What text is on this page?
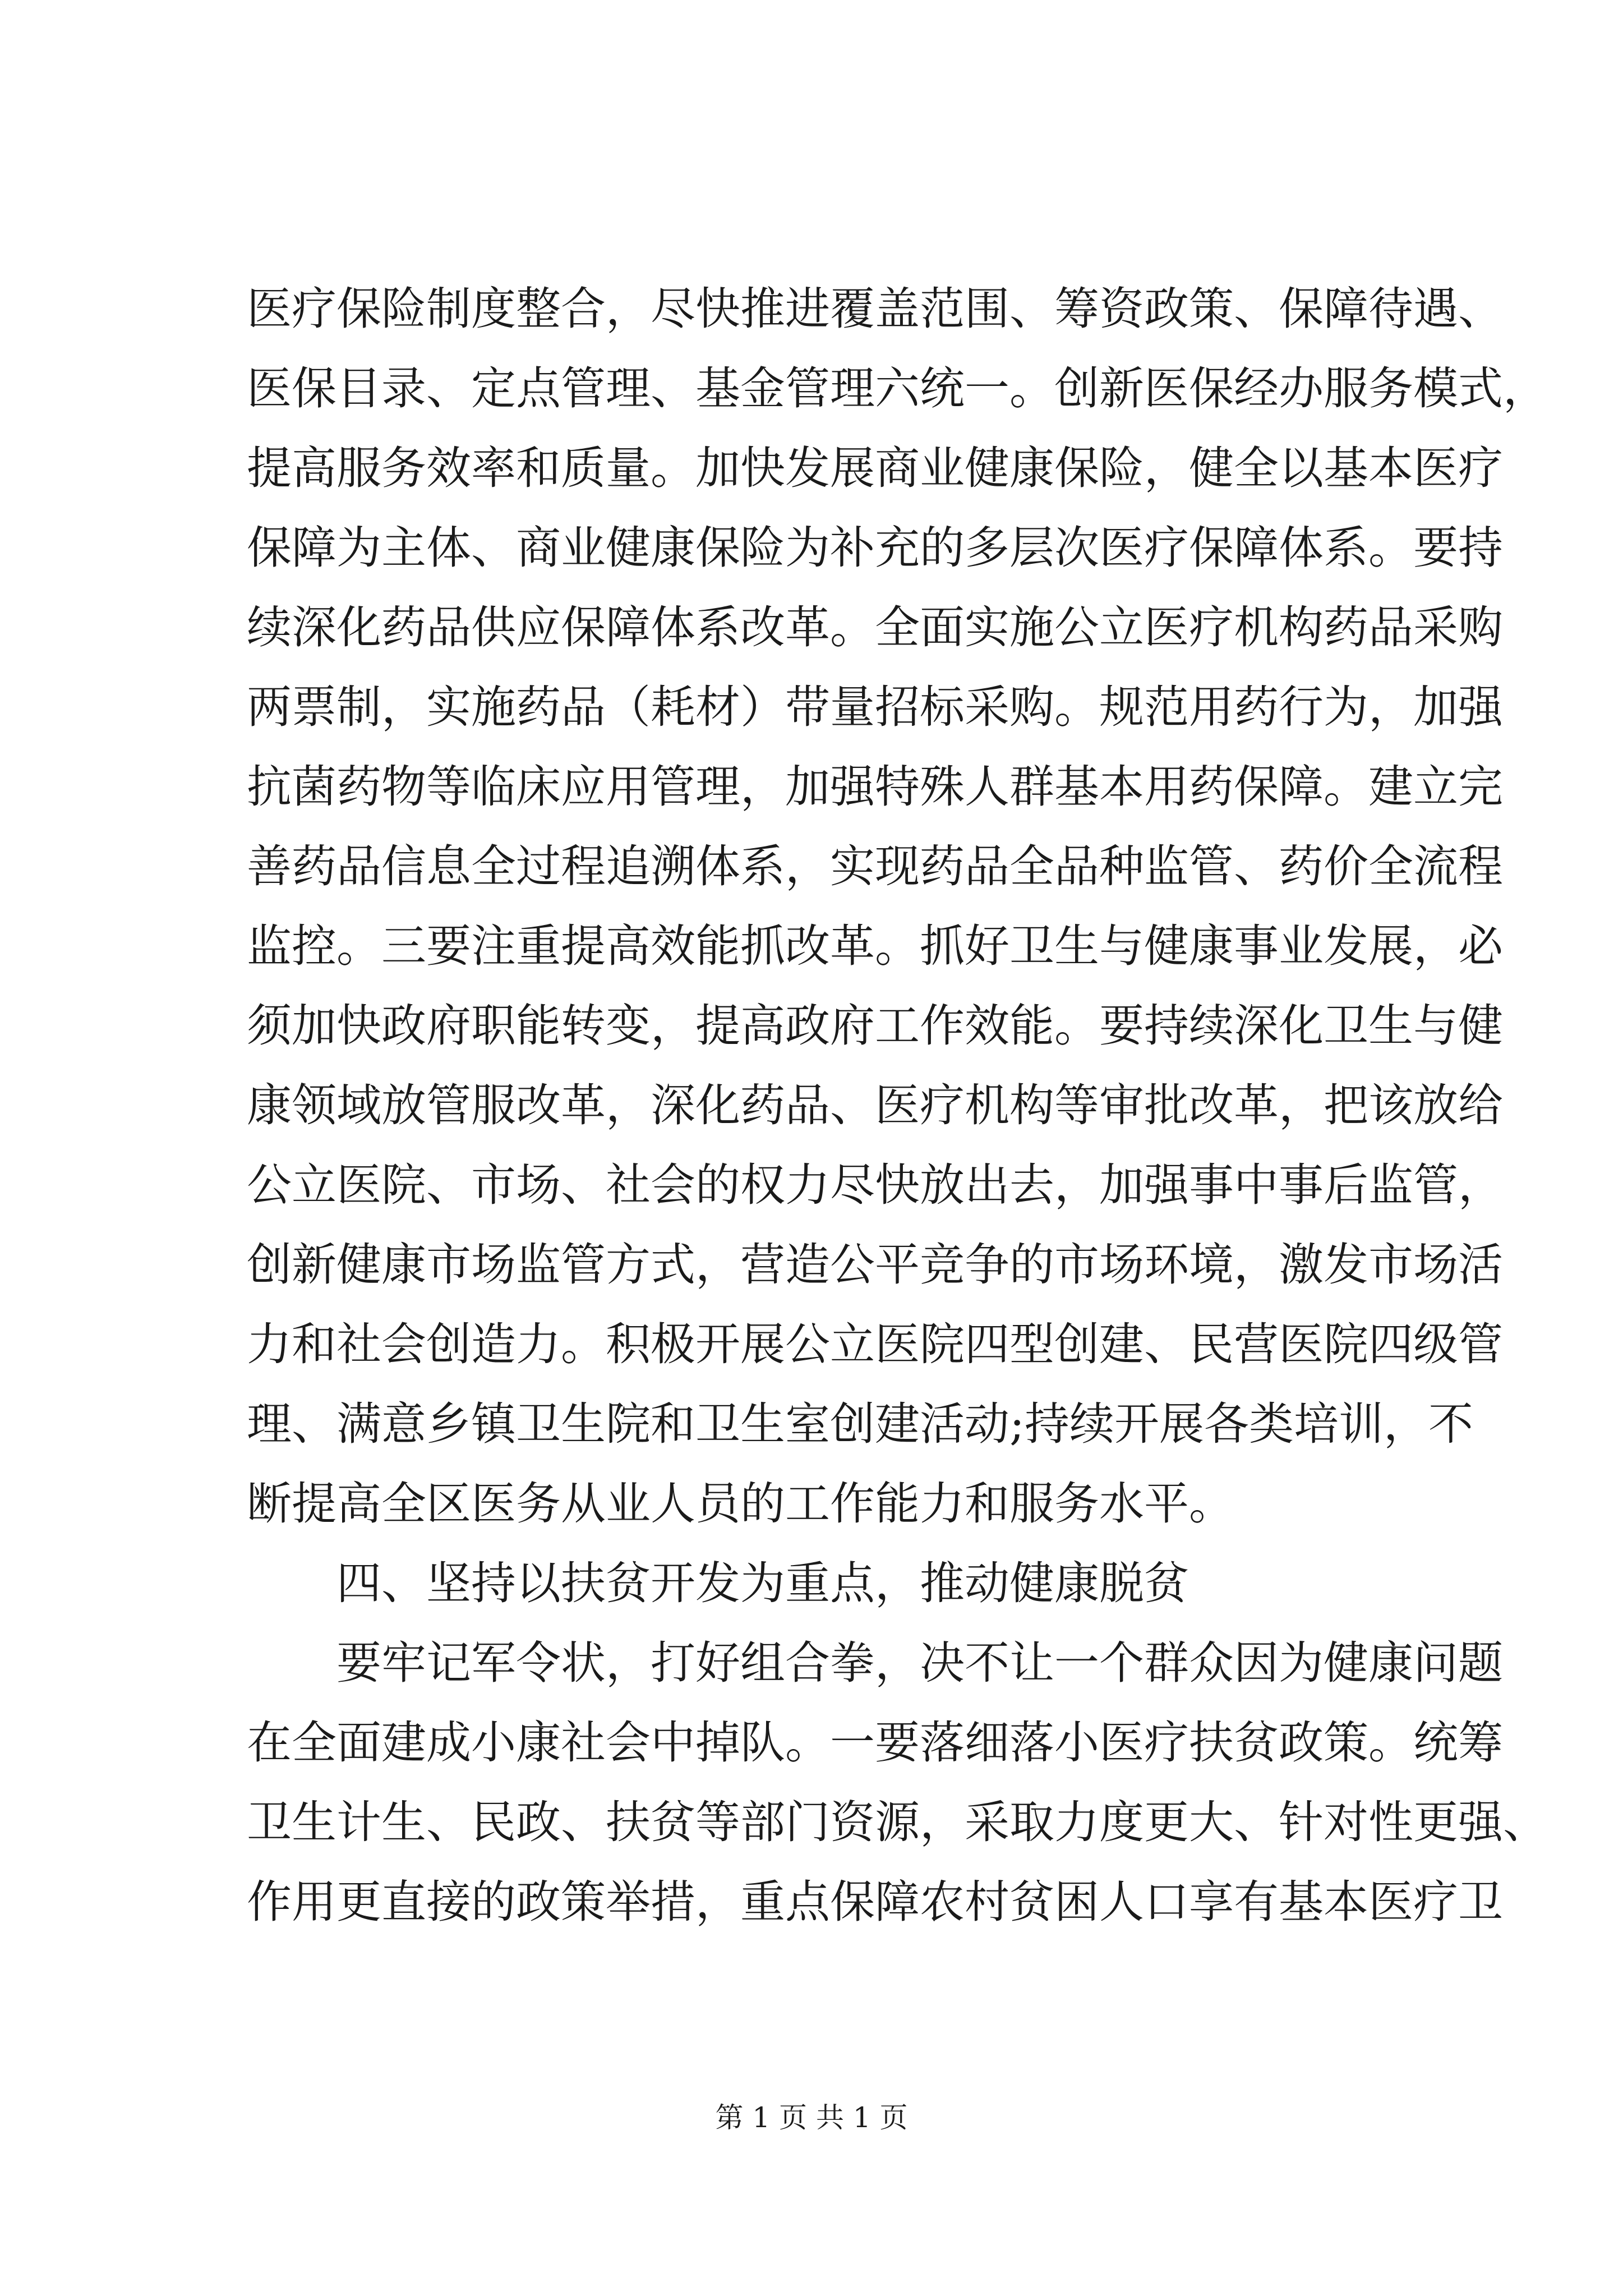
医疗保险制度整合，尽快推进覆盖范围、筹资政策、保障待遇、
医保目录、定点管理、基金管理六统一。创新医保经办服务模式，
提高服务效率和质量。加快发展商业健康保险，健全以基本医疗
保障为主体、商业健康保险为补充的多层次医疗保障体系。要持
续深化药品供应保障体系改革。全面实施公立医疗机构药品采购
两票制，实施药品（耗材）带量招标采购。规范用药行为，加强
抗菌药物等临床应用管理，加强特殊人群基本用药保障。建立完
善药品信息全过程追溯体系，实现药品全品种监管、药价全流程
监控。三要注重提高效能抓改革。抓好卫生与健康事业发展，必
须加快政府职能转变，提高政府工作效能。要持续深化卫生与健
康领域放管服改革，深化药品、医疗机构等审批改革，把该放给
公立医院、市场、社会的权力尽快放出去，加强事中事后监管，
创新健康市场监管方式，营造公平竞争的市场环境，激发市场活
力和社会创造力。积极开展公立医院四型创建、民营医院四级管
理、满意乡镇卫生院和卫生室创建活动;持续开展各类培训，不
断提高全区医务从业人员的工作能力和服务水平。
四、坚持以扶贫开发为重点，推动健康脱贫
要牢记军令状，打好组合拳，决不让一个群众因为健康问题
在全面建成小康社会中掉队。一要落细落小医疗扶贫政策。统筹
卫生计生、民政、扶贫等部门资源，采取力度更大、针对性更强、
作用更直接的政策举措，重点保障农村贫困人口享有基本医疗卫
第 1 页 共 1 页
